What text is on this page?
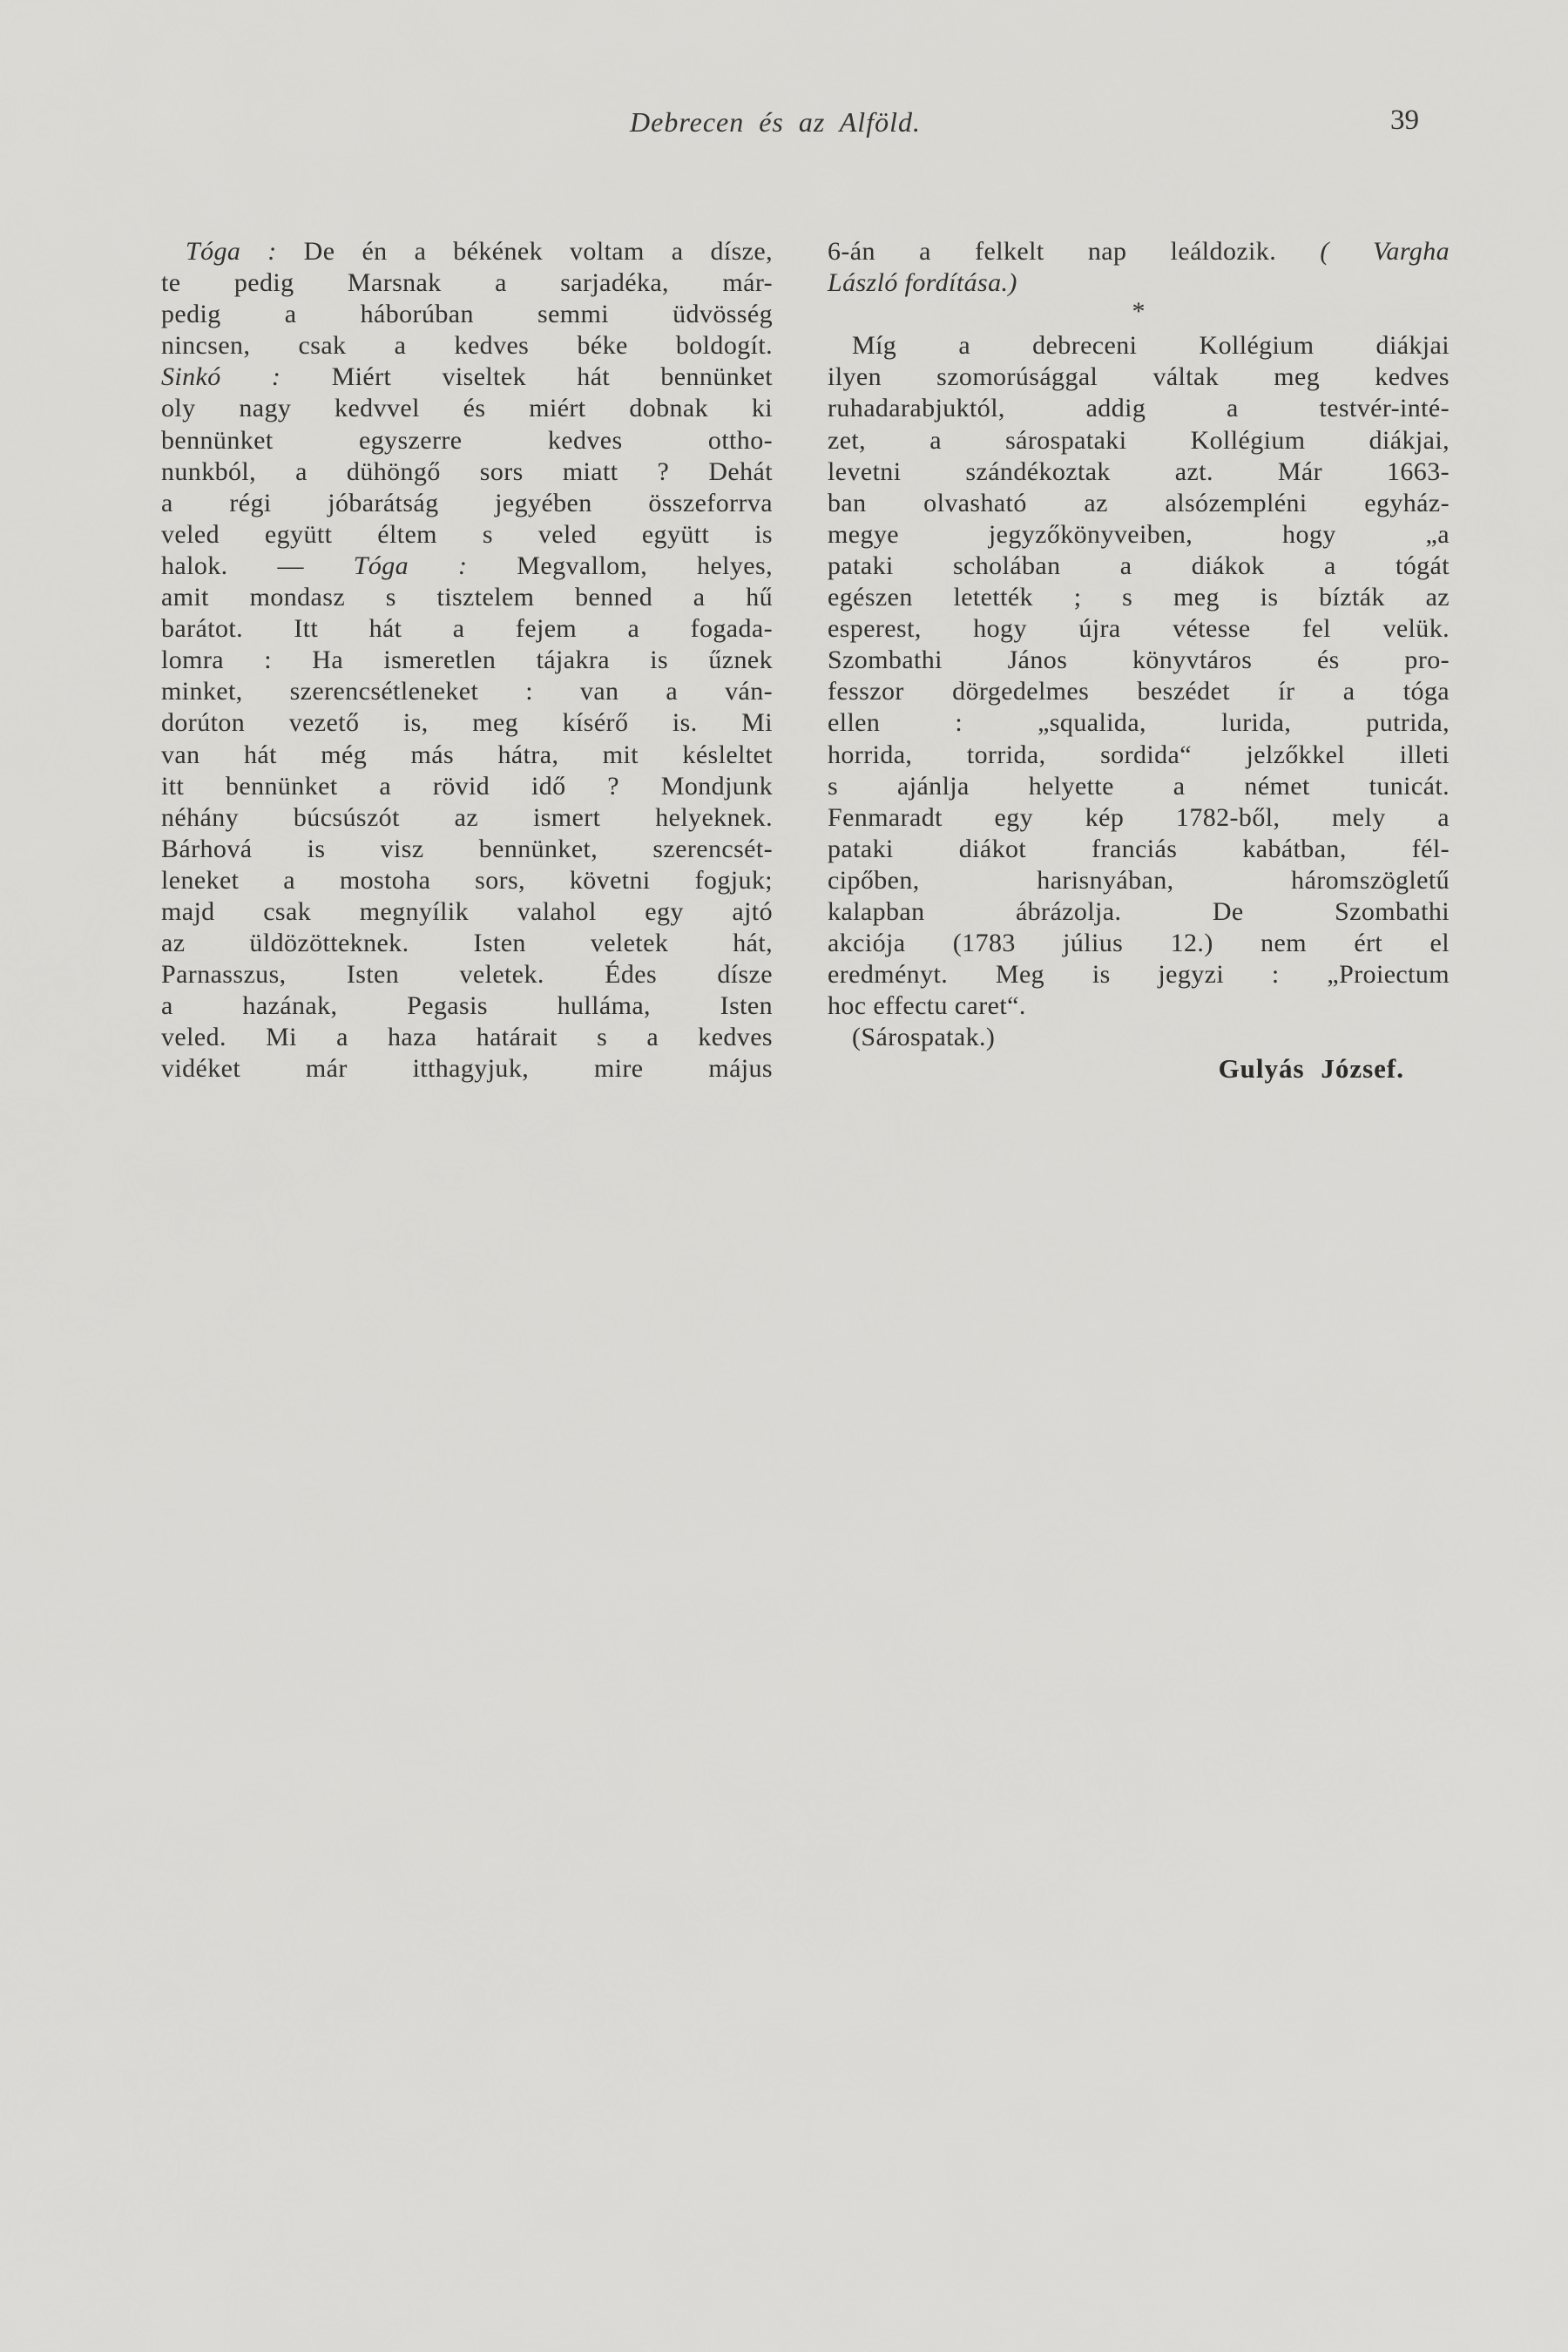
Debrecen és az Alföld.	39
Tóga : De én a békének voltam a dísze,
te pedig Marsnak a sarjadéka, már-
pedig a háborúban semmi üdvösség
nincsen, csak a kedves béke boldogít.
Sinkó : Miért viseltek hát bennünket
oly nagy kedvvel és miért dobnak ki
bennünket egyszerre kedves ottho-
nunkból, a dühöngő sors miatt ? Dehát
a régi jóbarátság jegyében összeforrva
veled együtt éltem s veled együtt is
halok. — Tóga : Megvallom, helyes,
amit mondasz s tisztelem benned a hű
barátot. Itt hát a fejem a fogada-
lomra : Ha ismeretlen tájakra is űznek
minket, szerencsétleneket : van a ván-
dorúton vezető is, meg kísérő is. Mi
van hát még más hátra, mit késleltet
itt bennünket a rövid idő ? Mondjunk
néhány búcsúszót az ismert helyeknek.
Bárhová is visz bennünket, szerencsét-
leneket a mostoha sors, követni fogjuk;
majd csak megnyílik valahol egy ajtó
az üldözötteknek. Isten veletek hát,
Parnasszus, Isten veletek. Édes dísze
a hazának, Pegasis hulláma, Isten
veled. Mi a haza határait s a kedves
vidéket már itthagyjuk, mire május
6-án a felkelt nap leáldozik. ( Vargha
László fordítása.)
*
Míg a debreceni Kollégium diákjai
ilyen szomorúsággal váltak meg kedves
ruhadarabjuktól, addig a testvér-inté-
zet, a sárospataki Kollégium diákjai,
levetni szándékoztak azt. Már 1663-
ban olvasható az alsózempléni egyház-
megye jegyzőkönyveiben, hogy „a
pataki scholában a diákok a tógát
egészen letették ; s meg is bízták az
esperest, hogy újra vétesse fel velük.
Szombathi János könyvtáros és pro-
fesszor dörgedelmes beszédet ír a tóga
ellen : „squalida, lurida, putrida,
horrida, torrida, sordida“ jelzőkkel illeti
s ajánlja helyette a német tunicát.
Fenmaradt egy kép 1782-ből, mely a
pataki diákot franciás kabátban, fél-
cipőben, harisnyában, háromszögletű
kalapban ábrázolja. De Szombathi
akciója (1783 július 12.) nem ért el
eredményt. Meg is jegyzi : „Proiectum
hoc effectu caret“.
(Sárospatak.)
Gulyás József.
